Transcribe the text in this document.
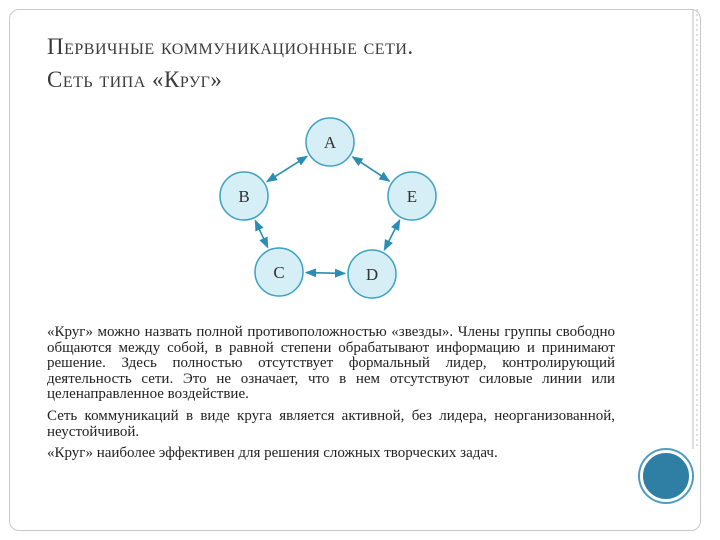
Первичные коммуникационные сети.
Сеть типа «Круг»
A
B	E
C	D

«Круг» можно назвать полной противоположностью «звезды». Члены группы свободно общаются между собой, в равной степени обрабатывают информацию и принимают решение. Здесь полностью отсутствует формальный лидер, контролирующий деятельность сети. Это не означает, что в нем отсутствуют силовые линии или целенаправленное воздействие.

Сеть коммуникаций в виде круга является активной, без лидера, неорганизованной, неустойчивой.

«Круг» наиболее эффективен для решения сложных творческих задач.
